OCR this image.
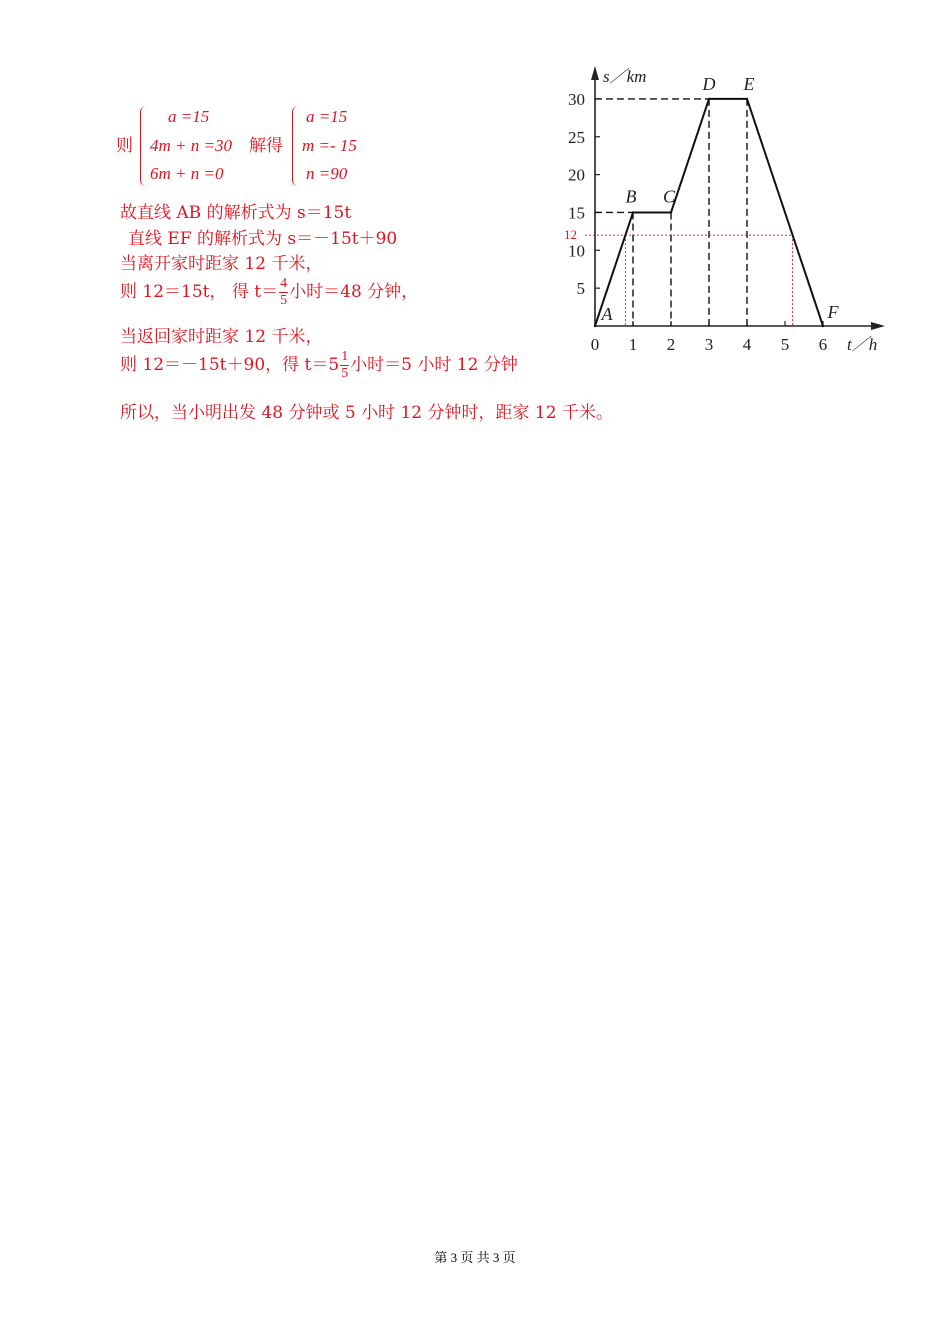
则
a =15
4m + n =30
6m + n =0
解得
a =15
m =- 15
n =90
故直线 AB 的解析式为 s＝15t
直线 EF 的解析式为 s＝－15t＋90
当离开家时距家 12 千米，
则 12＝15t， 得 $t= \frac{4}{5}$ 小时＝48 分钟，
当返回家时距家 12 千米，
则 12＝－15t＋90，得 $t=5 \frac{1}{5}$ 小时＝5 小时 12 分钟
所以，当小明出发 48 分钟或 5 小时 12 分钟时，距家 12 千米。
s／km
t／h
30
25
20
15
10
5
0 1 2 3 4 5 6
12
A
B C
D E
F
第 3 页 共 3 页
